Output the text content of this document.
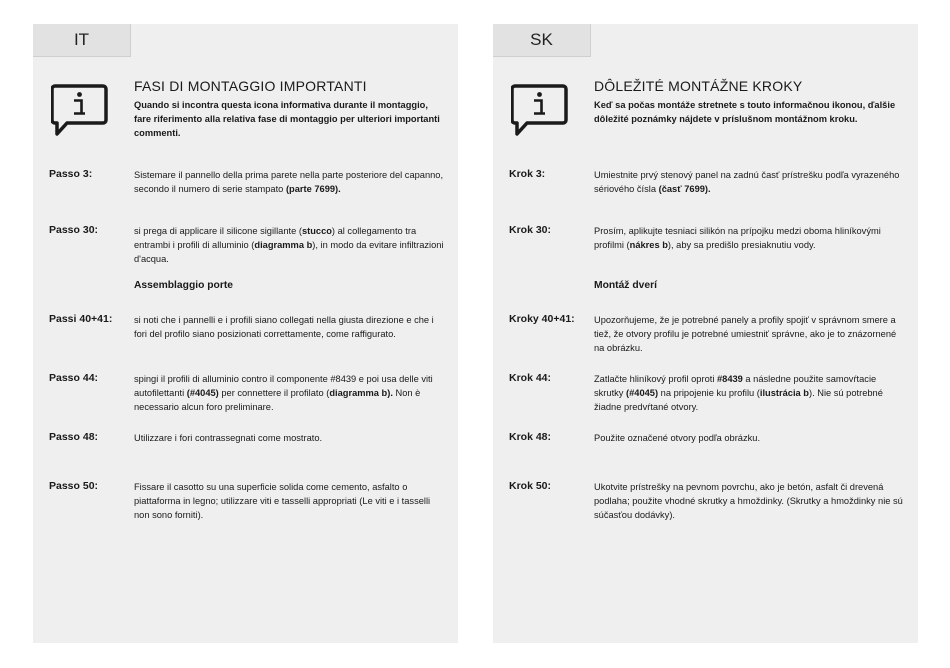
IT
FASI DI MONTAGGIO IMPORTANTI
Quando si incontra questa icona informativa durante il montaggio, fare riferimento alla relativa fase di montaggio per ulteriori importanti commenti.
Passo 3:	Sistemare il pannello della prima parete nella parte posteriore del capanno, secondo il numero di serie stampato (parte 7699).
Passo 30:	si prega di applicare il silicone sigillante (stucco) al collegamento tra entrambi i profili di alluminio (diagramma b), in modo da evitare infiltrazioni d'acqua.
Assemblaggio porte
Passi 40+41: si noti che i pannelli e i profili siano collegati nella giusta direzione e che i fori del profilo siano posizionati correttamente, come raffigurato.
Passo 44:	spingi il profili di alluminio contro il componente #8439 e poi usa delle viti autofilettanti (#4045) per connettere il profilato (diagramma b). Non è necessario alcun foro preliminare.
Passo 48:	Utilizzare i fori contrassegnati come mostrato.
Passo 50:	Fissare il casotto su una superficie solida come cemento, asfalto o piattaforma in legno; utilizzare viti e tasselli appropriati (Le viti e i tasselli non sono forniti).
SK
DÔLEŽITÉ MONTÁŽNE KROKY
Keď sa počas montáže stretnete s touto informačnou ikonou, ďalšie dôležité poznámky nájdete v príslušnom montážnom kroku.
Krok 3:	Umiestnite prvý stenový panel na zadnú časť prístrešku podľa vyrazeného sériového čísla (časť 7699).
Krok 30:	Prosím, aplikujte tesniaci silikón na prípojku medzi oboma hliníkovými profilmi (nákres b), aby sa predišlo presiaknutiu vody.
Montáž dverí
Kroky 40+41: Upozorňujeme, že je potrebné panely a profily spojiť v správnom smere a tiež, že otvory profilu je potrebné umiestniť správne, ako je to znázornené na obrázku.
Krok 44:	Zatlačte hliníkový profil oproti #8439 a následne použite samovŕtacie skrutky (#4045) na pripojenie ku profilu (ilustrácia b). Nie sú potrebné žiadne predvŕtané otvory.
Krok 48:	Použite označené otvory podľa obrázku.
Krok 50:	Ukotvite prístrešky na pevnom povrchu, ako je betón, asfalt či drevená podlaha; použite vhodné skrutky a hmoždinky. (Skrutky a hmoždinky nie sú súčasťou dodávky).
